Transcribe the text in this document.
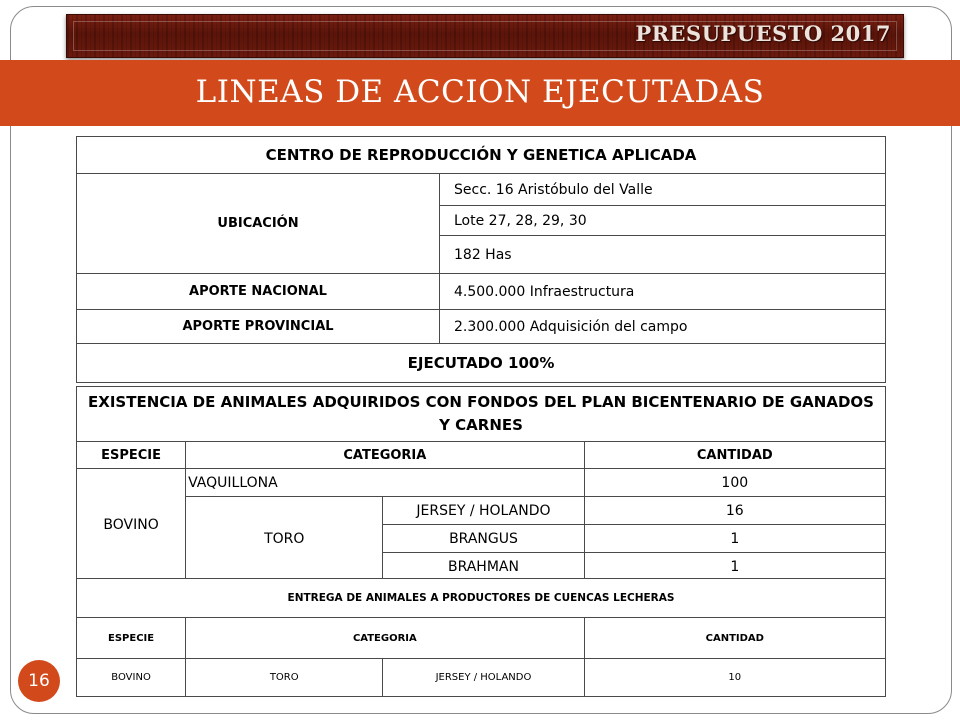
PRESUPUESTO 2017
LINEAS DE ACCION EJECUTADAS
CENTRO DE REPRODUCCIÓN Y GENETICA APLICADA	
UBICACIÓN	Secc. 16 Aristóbulo del Valle
	Lote 27, 28, 29, 30
	182 Has
APORTE NACIONAL	4.500.000 Infraestructura
APORTE PROVINCIAL	2.300.000 Adquisición del campo
EJECUTADO 100%	
EXISTENCIA DE ANIMALES ADQUIRIDOS CON FONDOS DEL PLAN BICENTENARIO DE GANADOS Y CARNES			
ESPECIE	CATEGORIA		CANTIDAD
BOVINO	VAQUILLONA		100
	TORO	JERSEY / HOLANDO	16
		BRANGUS	1
		BRAHMAN	1
ENTREGA DE ANIMALES A PRODUCTORES DE CUENCAS LECHERAS			
ESPECIE	CATEGORIA		CANTIDAD
BOVINO	TORO	JERSEY / HOLANDO	10
16
